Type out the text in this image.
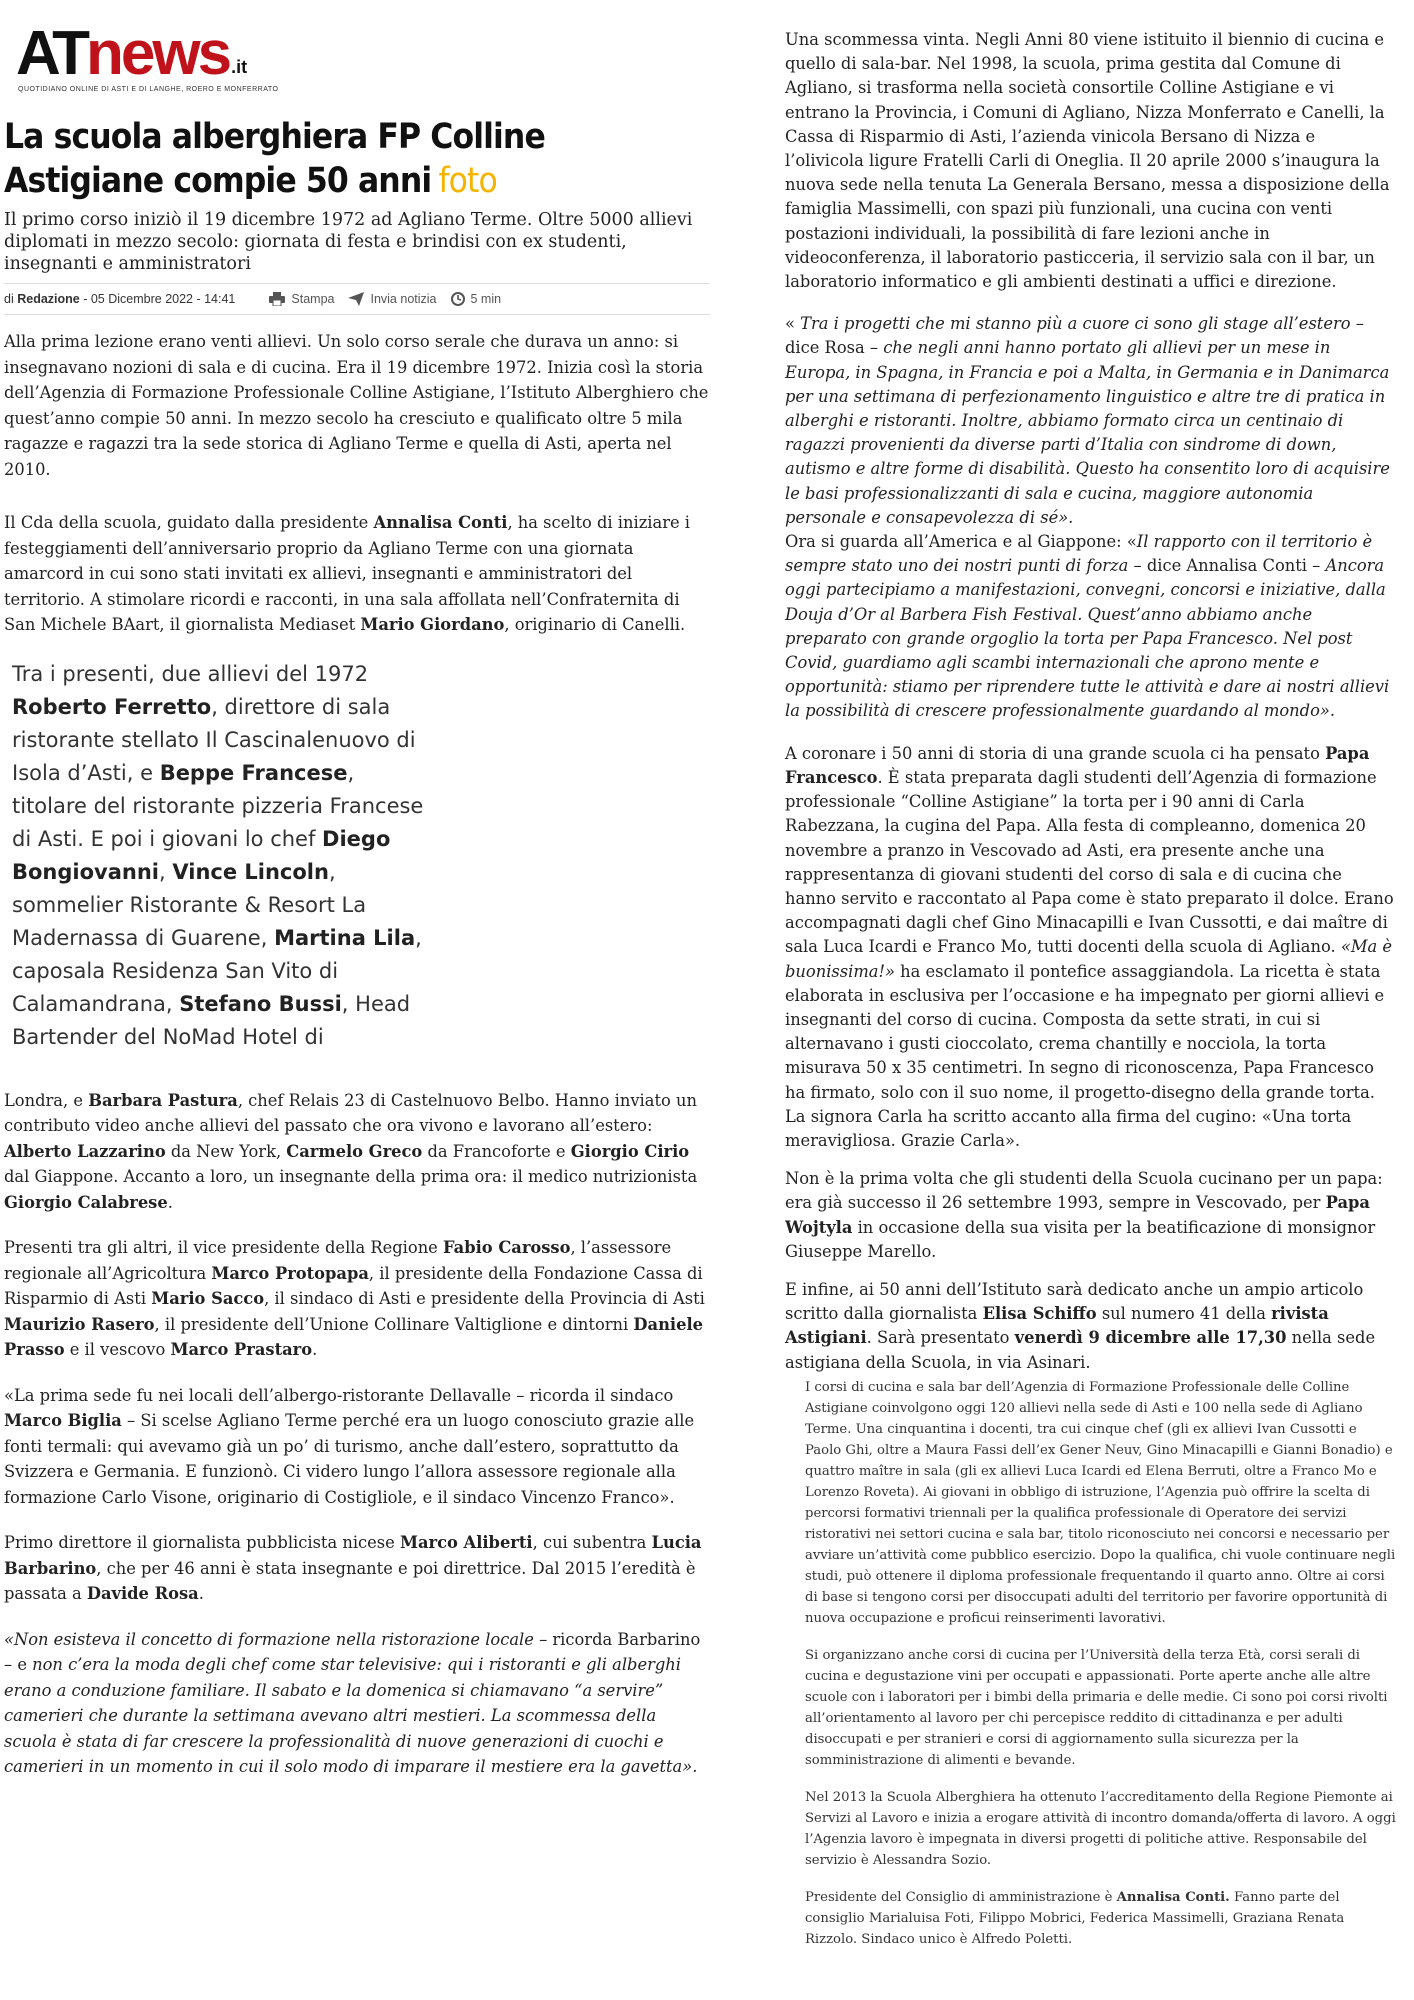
AT news .it
QUOTIDIANO ONLINE DI ASTI E DI LANGHE, ROERO E MONFERRATO
La scuola alberghiera FP Colline Astigiane compie 50 anni foto
Il primo corso iniziò il 19 dicembre 1972 ad Agliano Terme. Oltre 5000 allievi diplomati in mezzo secolo: giornata di festa e brindisi con ex studenti, insegnanti e amministratori
di
Redazione
- 05 Dicembre 2022 - 14:41	Stampa	Invia notizia	5 min

Alla prima lezione erano venti allievi. Un solo corso serale che durava un anno: si insegnavano nozioni di sala e di cucina. Era il 19 dicembre 1972. Inizia così la storia dell’Agenzia di Formazione Professionale Colline Astigiane, l’Istituto Alberghiero che quest’anno compie 50 anni. In mezzo secolo ha cresciuto e qualificato oltre 5 mila ragazze e ragazzi tra la sede storica di Agliano Terme e quella di Asti, aperta nel 2010.

Il Cda della scuola, guidato dalla presidente Annalisa Conti, ha scelto di iniziare i festeggiamenti dell’anniversario proprio da Agliano Terme con una giornata amarcord in cui sono stati invitati ex allievi, insegnanti e amministratori del territorio. A stimolare ricordi e racconti, in una sala affollata nell’Confraternita di San Michele BAart, il giornalista Mediaset Mario Giordano, originario di Canelli.

Tra i presenti, due allievi del 1972 Roberto Ferretto, direttore di sala ristorante stellato Il Cascinalenuovo di Isola d’Asti, e Beppe Francese, titolare del ristorante pizzeria Francese di Asti. E poi i giovani lo chef Diego Bongiovanni, Vince Lincoln, sommelier Ristorante & Resort La Madernassa di Guarene, Martina Lila, caposala Residenza San Vito di Calamandrana, Stefano Bussi, Head Bartender del NoMad Hotel di

Londra, e Barbara Pastura, chef Relais 23 di Castelnuovo Belbo. Hanno inviato un contributo video anche allievi del passato che ora vivono e lavorano all’estero: Alberto Lazzarino da New York, Carmelo Greco da Francoforte e Giorgio Cirio dal Giappone. Accanto a loro, un insegnante della prima ora: il medico nutrizionista Giorgio Calabrese.

Presenti tra gli altri, il vice presidente della Regione Fabio Carosso, l’assessore regionale all’Agricoltura Marco Protopapa, il presidente della Fondazione Cassa di Risparmio di Asti Mario Sacco, il sindaco di Asti e presidente della Provincia di Asti Maurizio Rasero, il presidente dell’Unione Collinare Valtiglione e dintorni Daniele Prasso e il vescovo Marco Prastaro.

«La prima sede fu nei locali dell’albergo-ristorante Dellavalle – ricorda il sindaco Marco Biglia – Si scelse Agliano Terme perché era un luogo conosciuto grazie alle fonti termali: qui avevamo già un po’ di turismo, anche dall’estero, soprattutto da Svizzera e Germania. E funzionò. Ci videro lungo l’allora assessore regionale alla formazione Carlo Visone, originario di Costigliole, e il sindaco Vincenzo Franco».

Primo direttore il giornalista pubblicista nicese Marco Aliberti, cui subentra Lucia Barbarino, che per 46 anni è stata insegnante e poi direttrice. Dal 2015 l’eredità è passata a Davide Rosa.

«Non esisteva il concetto di formazione nella ristorazione locale – ricorda Barbarino – e non c’era la moda degli chef come star televisive: qui i ristoranti e gli alberghi erano a conduzione familiare. Il sabato e la domenica si chiamavano “a servire” camerieri che durante la settimana avevano altri mestieri. La scommessa della scuola è stata di far crescere la professionalità di nuove generazioni di cuochi e camerieri in un momento in cui il solo modo di imparare il mestiere era la gavetta».

Una scommessa vinta. Negli Anni 80 viene istituito il biennio di cucina e quello di sala-bar. Nel 1998, la scuola, prima gestita dal Comune di Agliano, si trasforma nella società consortile Colline Astigiane e vi entrano la Provincia, i Comuni di Agliano, Nizza Monferrato e Canelli, la Cassa di Risparmio di Asti, l’azienda vinicola Bersano di Nizza e l’olivicola ligure Fratelli Carli di Oneglia. Il 20 aprile 2000 s’inaugura la nuova sede nella tenuta La Generala Bersano, messa a disposizione della famiglia Massimelli, con spazi più funzionali, una cucina con venti postazioni individuali, la possibilità di fare lezioni anche in videoconferenza, il laboratorio pasticceria, il servizio sala con il bar, un laboratorio informatico e gli ambienti destinati a uffici e direzione.

« Tra i progetti che mi stanno più a cuore ci sono gli stage all’estero – dice Rosa – che negli anni hanno portato gli allievi per un mese in Europa, in Spagna, in Francia e poi a Malta, in Germania e in Danimarca per una settimana di perfezionamento linguistico e altre tre di pratica in alberghi e ristoranti. Inoltre, abbiamo formato circa un centinaio di ragazzi provenienti da diverse parti d’Italia con sindrome di down, autismo e altre forme di disabilità. Questo ha consentito loro di acquisire le basi professionalizzanti di sala e cucina, maggiore autonomia personale e consapevolezza di sé».
Ora si guarda all’America e al Giappone: «Il rapporto con il territorio è sempre stato uno dei nostri punti di forza – dice Annalisa Conti – Ancora oggi partecipiamo a manifestazioni, convegni, concorsi e iniziative, dalla Douja d’Or al Barbera Fish Festival. Quest’anno abbiamo anche preparato con grande orgoglio la torta per Papa Francesco. Nel post Covid, guardiamo agli scambi internazionali che aprono mente e opportunità: stiamo per riprendere tutte le attività e dare ai nostri allievi la possibilità di crescere professionalmente guardando al mondo».

A coronare i 50 anni di storia di una grande scuola ci ha pensato Papa Francesco. È stata preparata dagli studenti dell’Agenzia di formazione professionale “Colline Astigiane” la torta per i 90 anni di Carla Rabezzana, la cugina del Papa. Alla festa di compleanno, domenica 20 novembre a pranzo in Vescovado ad Asti, era presente anche una rappresentanza di giovani studenti del corso di sala e di cucina che hanno servito e raccontato al Papa come è stato preparato il dolce. Erano accompagnati dagli chef Gino Minacapilli e Ivan Cussotti, e dai maître di sala Luca Icardi e Franco Mo, tutti docenti della scuola di Agliano. «Ma è buonissima!» ha esclamato il pontefice assaggiandola. La ricetta è stata elaborata in esclusiva per l’occasione e ha impegnato per giorni allievi e insegnanti del corso di cucina. Composta da sette strati, in cui si alternavano i gusti cioccolato, crema chantilly e nocciola, la torta misurava 50 x 35 centimetri. In segno di riconoscenza, Papa Francesco ha firmato, solo con il suo nome, il progetto-disegno della grande torta. La signora Carla ha scritto accanto alla firma del cugino: «Una torta meravigliosa. Grazie Carla».

Non è la prima volta che gli studenti della Scuola cucinano per un papa: era già successo il 26 settembre 1993, sempre in Vescovado, per Papa Wojtyla in occasione della sua visita per la beatificazione di monsignor Giuseppe Marello.

E infine, ai 50 anni dell’Istituto sarà dedicato anche un ampio articolo scritto dalla giornalista Elisa Schiffo sul numero 41 della rivista Astigiani. Sarà presentato venerdì 9 dicembre alle 17,30 nella sede astigiana della Scuola, in via Asinari.

I corsi di cucina e sala bar dell’Agenzia di Formazione Professionale delle Colline Astigiane coinvolgono oggi 120 allievi nella sede di Asti e 100 nella sede di Agliano Terme. Una cinquantina i docenti, tra cui cinque chef (gli ex allievi Ivan Cussotti e Paolo Ghi, oltre a Maura Fassi dell’ex Gener Neuv, Gino Minacapilli e Gianni Bonadio) e quattro maître in sala (gli ex allievi Luca Icardi ed Elena Berruti, oltre a Franco Mo e Lorenzo Roveta). Ai giovani in obbligo di istruzione, l’Agenzia può offrire la scelta di percorsi formativi triennali per la qualifica professionale di Operatore dei servizi ristorativi nei settori cucina e sala bar, titolo riconosciuto nei concorsi e necessario per avviare un’attività come pubblico esercizio. Dopo la qualifica, chi vuole continuare negli studi, può ottenere il diploma professionale frequentando il quarto anno. Oltre ai corsi di base si tengono corsi per disoccupati adulti del territorio per favorire opportunità di nuova occupazione e proficui reinserimenti lavorativi.

Si organizzano anche corsi di cucina per l’Università della terza Età, corsi serali di cucina e degustazione vini per occupati e appassionati. Porte aperte anche alle altre scuole con i laboratori per i bimbi della primaria e delle medie. Ci sono poi corsi rivolti all’orientamento al lavoro per chi percepisce reddito di cittadinanza e per adulti disoccupati e per stranieri e corsi di aggiornamento sulla sicurezza per la somministrazione di alimenti e bevande.

Nel 2013 la Scuola Alberghiera ha ottenuto l’accreditamento della Regione Piemonte ai Servizi al Lavoro e inizia a erogare attività di incontro domanda/offerta di lavoro. A oggi l’Agenzia lavoro è impegnata in diversi progetti di politiche attive. Responsabile del servizio è Alessandra Sozio.

Presidente del Consiglio di amministrazione è Annalisa Conti. Fanno parte del consiglio Marialuisa Foti, Filippo Mobrici, Federica Massimelli, Graziana Renata Rizzolo. Sindaco unico è Alfredo Poletti.
